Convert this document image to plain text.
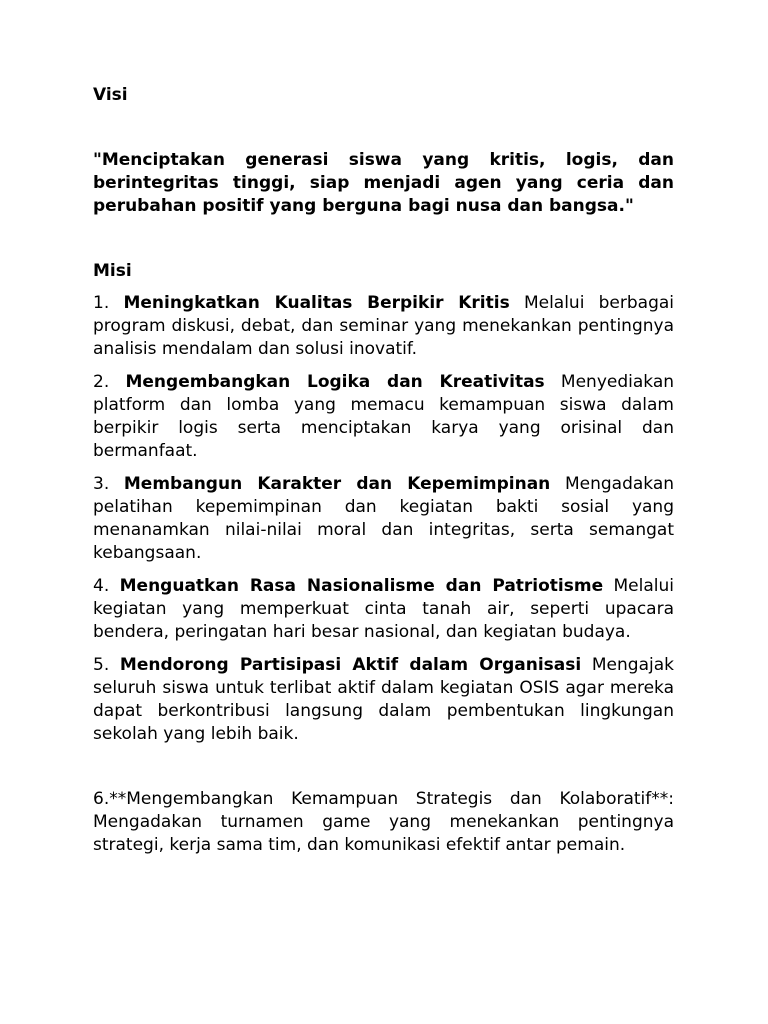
Visi

"Menciptakan generasi siswa yang kritis, logis, dan berintegritas tinggi, siap menjadi agen yang ceria dan perubahan positif yang berguna bagi nusa dan bangsa."

Misi

1. Meningkatkan Kualitas Berpikir Kritis Melalui berbagai program diskusi, debat, dan seminar yang menekankan pentingnya analisis mendalam dan solusi inovatif.

2. Mengembangkan Logika dan Kreativitas Menyediakan platform dan lomba yang memacu kemampuan siswa dalam berpikir logis serta menciptakan karya yang orisinal dan bermanfaat.

3. Membangun Karakter dan Kepemimpinan Mengadakan pelatihan kepemimpinan dan kegiatan bakti sosial yang menanamkan nilai-nilai moral dan integritas, serta semangat kebangsaan.

4. Menguatkan Rasa Nasionalisme dan Patriotisme Melalui kegiatan yang memperkuat cinta tanah air, seperti upacara bendera, peringatan hari besar nasional, dan kegiatan budaya.

5. Mendorong Partisipasi Aktif dalam Organisasi Mengajak seluruh siswa untuk terlibat aktif dalam kegiatan OSIS agar mereka dapat berkontribusi langsung dalam pembentukan lingkungan sekolah yang lebih baik.

6.**Mengembangkan Kemampuan Strategis dan Kolaboratif**: Mengadakan turnamen game yang menekankan pentingnya strategi, kerja sama tim, dan komunikasi efektif antar pemain.
